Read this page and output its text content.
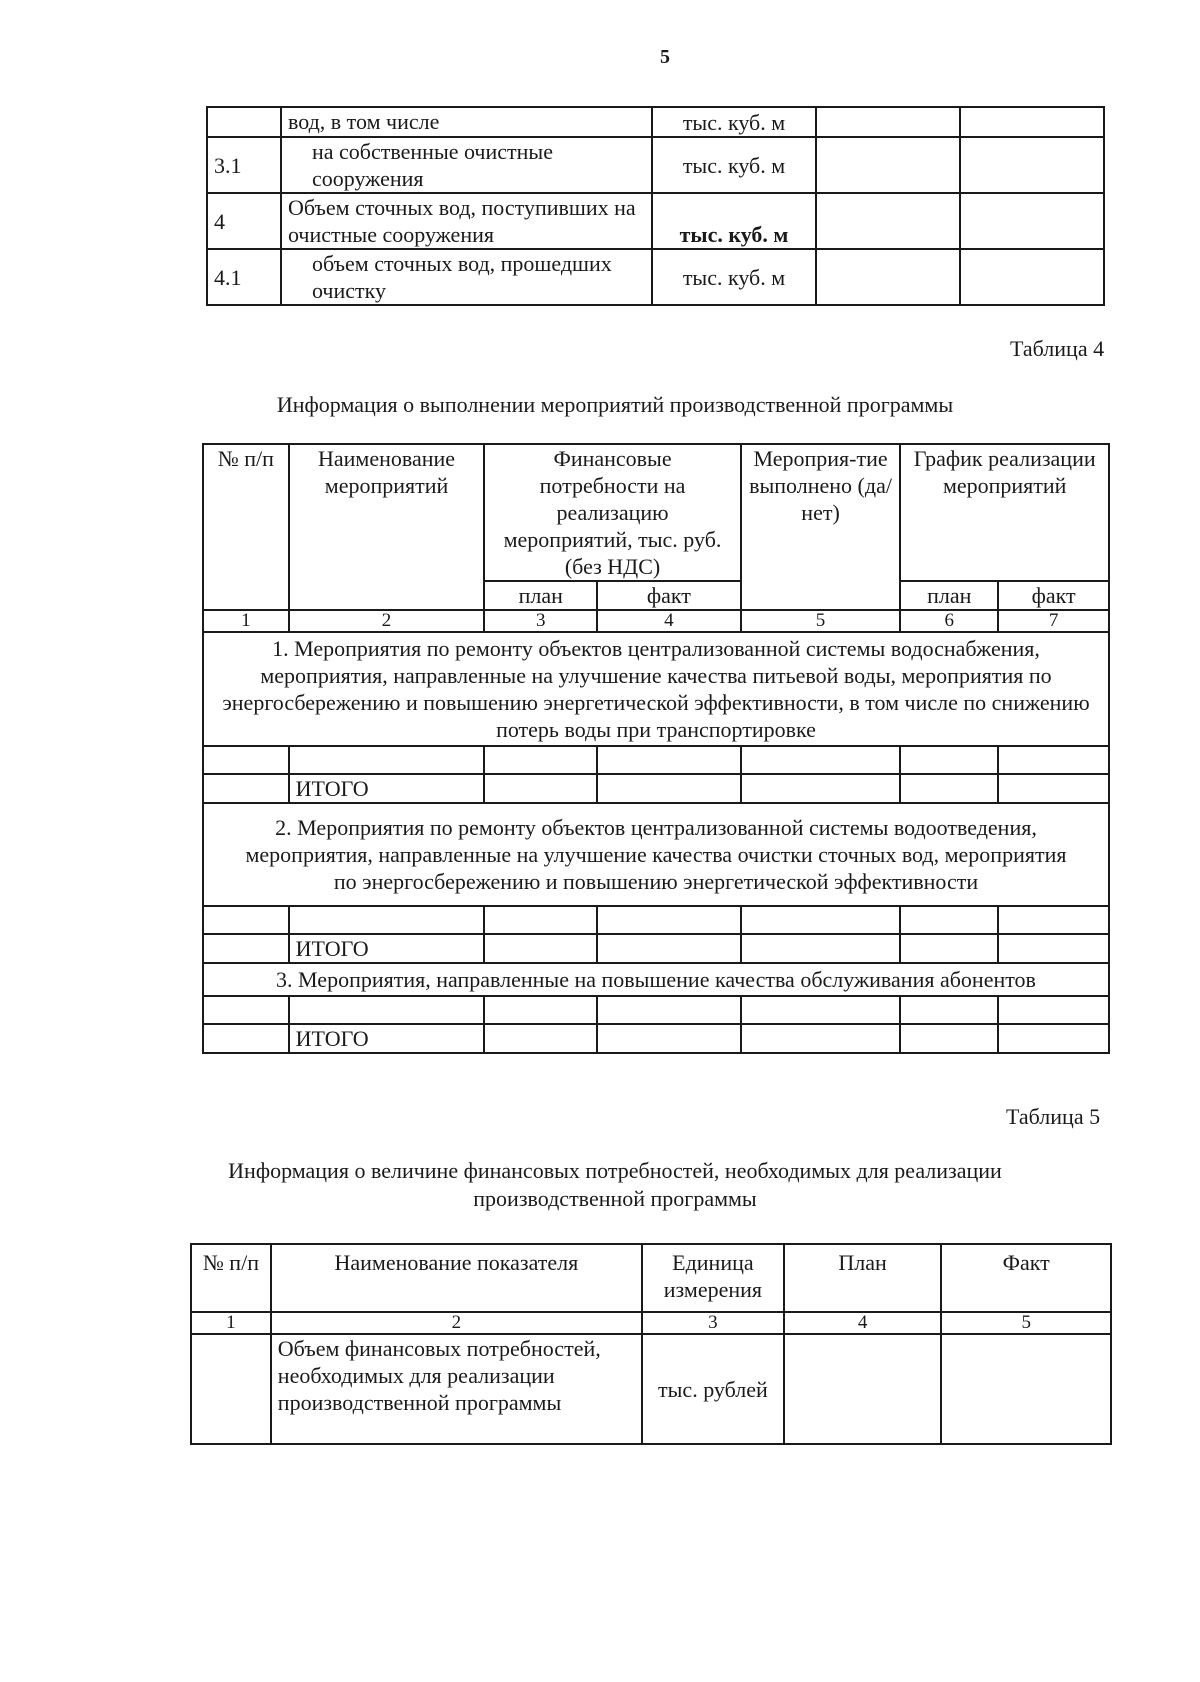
5
	вод, в том числе	тыс. куб. м		
3.1	на собственные очистные сооружения	тыс. куб. м		
4	Объем сточных вод, поступивших на очистные сооружения	тыс. куб. м		
4.1	объем сточных вод, прошедших очистку	тыс. куб. м		
Таблица 4
Информация о выполнении мероприятий производственной программы
№ п/п	Наименование мероприятий	Финансовые потребности на реализацию мероприятий, тыс. руб. (без НДС)		Мероприя-тие выполнено (да/нет)	График реализации мероприятий	
		план	факт		план	факт
1	2	3	4	5	6	7
1. Мероприятия по ремонту объектов централизованной системы водоснабжения, мероприятия, направленные на улучшение качества питьевой воды, мероприятия по энергосбережению и повышению энергетической эффективности, в том числе по снижению потерь воды при транспортировке						

	ИТОГО					
2. Мероприятия по ремонту объектов централизованной системы водоотведения, мероприятия, направленные на улучшение качества очистки сточных вод, мероприятия по энергосбережению и повышению энергетической эффективности						

	ИТОГО					
3. Мероприятия, направленные на повышение качества обслуживания абонентов						

	ИТОГО					
Таблица 5
Информация о величине финансовых потребностей, необходимых для реализации
производственной программы
№ п/п	Наименование показателя	Единица измерения	План	Факт
1	2	3	4	5
	Объем финансовых потребностей, необходимых для реализации производственной программы	тыс. рублей		
